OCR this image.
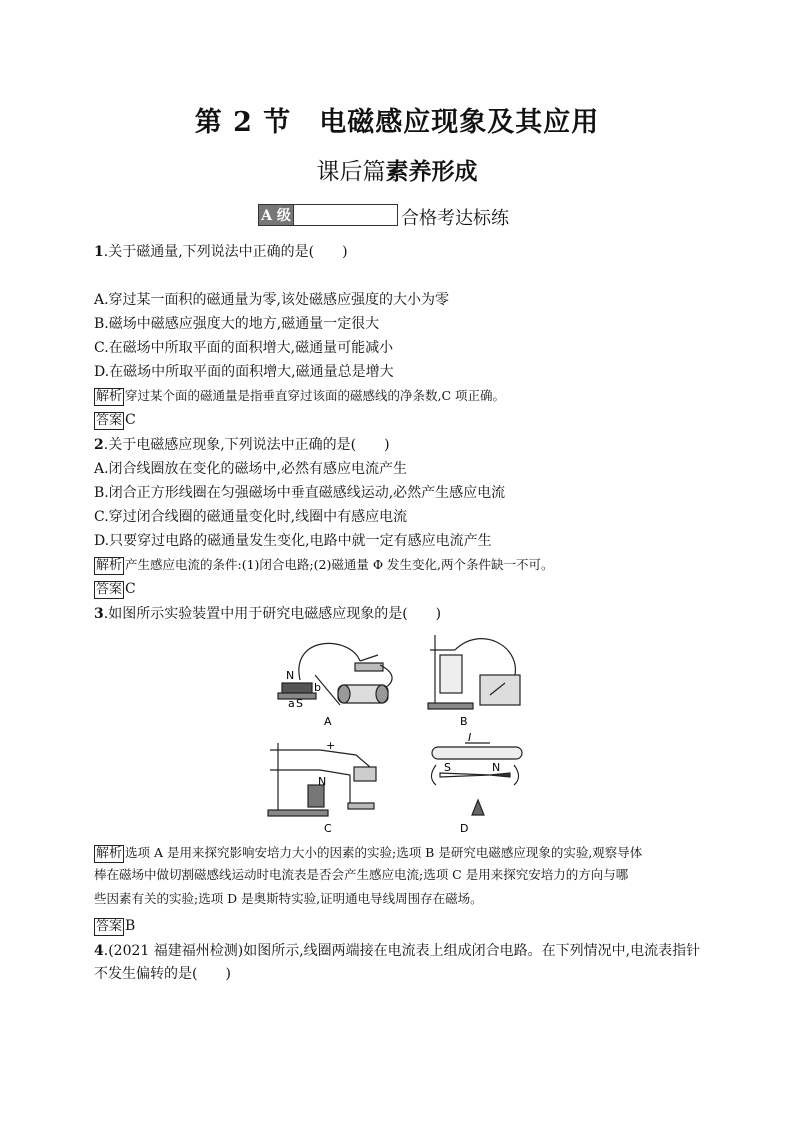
第 2 节　电磁感应现象及其应用
课后篇素养形成
A 级	合格考达标练
1.关于磁通量,下列说法中正确的是(　　)
A.穿过某一面积的磁通量为零,该处磁感应强度的大小为零
B.磁场中磁感应强度大的地方,磁通量一定很大
C.在磁场中所取平面的面积增大,磁通量可能减小
D.在磁场中所取平面的面积增大,磁通量总是增大
解析 穿过某个面的磁通量是指垂直穿过该面的磁感线的净条数,C 项正确。
答案 C
2.关于电磁感应现象,下列说法中正确的是(　　)
A.闭合线圈放在变化的磁场中,必然有感应电流产生
B.闭合正方形线圈在匀强磁场中垂直磁感线运动,必然产生感应电流
C.穿过闭合线圈的磁通量变化时,线圈中有感应电流
D.只要穿过电路的磁通量发生变化,电路中就一定有感应电流产生
解析 产生感应电流的条件:(1)闭合电路;(2)磁通量 Φ 发生变化,两个条件缺一不可。
答案 C
3.如图所示实验装置中用于研究电磁感应现象的是(　　)
N
S
a
b
N
+
I
S	N
A	B
C	D
解析 选项 A 是用来探究影响安培力大小的因素的实验;选项 B 是研究电磁感应现象的实验,观察导体
棒在磁场中做切割磁感线运动时电流表是否会产生感应电流;选项 C 是用来探究安培力的方向与哪
些因素有关的实验;选项 D 是奥斯特实验,证明通电导线周围存在磁场。
答案 B
4.(2021 福建福州检测)如图所示,线圈两端接在电流表上组成闭合电路。在下列情况中,电流表指针
不发生偏转的是(　　)
